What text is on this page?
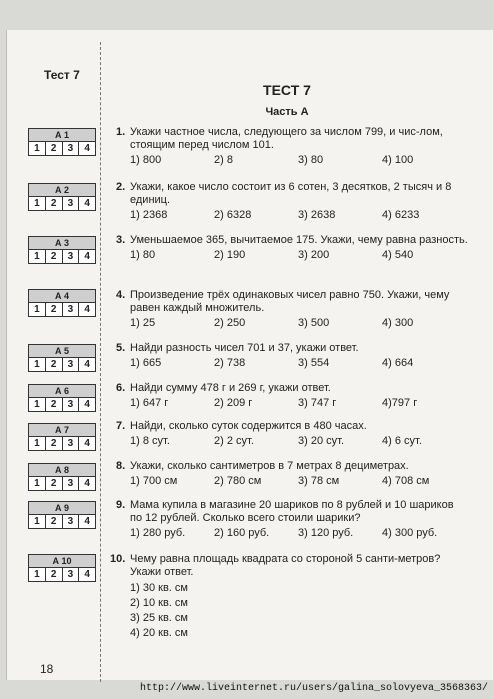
Тест 7
А 1
1	2	3	4
А 2
1	2	3	4
А 3
1	2	3	4
А 4
1	2	3	4
А 5
1	2	3	4
А 6
1	2	3	4
А 7
1	2	3	4
А 8
1	2	3	4
А 9
1	2	3	4
А 10
1	2	3	4
ТЕСТ 7
Часть А
1. Укажи частное числа, следующего за числом 799, и чис-лом, стоящим перед числом 101.
1) 800	2) 8	3) 80	4) 100
2. Укажи, какое число состоит из 6 сотен, 3 десятков, 2 тысяч и 8 единиц.
1) 2368	2) 6328	3) 2638	4) 6233
3. Уменьшаемое 365, вычитаемое 175. Укажи, чему равна разность.
1) 80	2) 190	3) 200	4) 540
4. Произведение трёх одинаковых чисел равно 750. Укажи, чему равен каждый множитель.
1) 25	2) 250	3) 500	4) 300
5. Найди разность чисел 701 и 37, укажи ответ.
1) 665	2) 738	3) 554	4) 664
6. Найди сумму 478 г и 269 г, укажи ответ.
1) 647 г	2) 209 г	3) 747 г	4)797 г
7. Найди, сколько суток содержится в 480 часах.
1) 8 сут.	2) 2 сут.	3) 20 сут.	4) 6 сут.
8. Укажи, сколько сантиметров в 7 метрах 8 дециметрах.
1) 700 см	2) 780 см	3) 78 см	4) 708 см
9. Мама купила в магазине 20 шариков по 8 рублей и 10 шариков по 12 рублей. Сколько всего стоили шарики?
1) 280 руб.	2) 160 руб.	3) 120 руб.	4) 300 руб.
10. Чему равна площадь квадрата со стороной 5 санти-метров? Укажи ответ.
1) 30 кв. см
2) 10 кв. см
3) 25 кв. см
4) 20 кв. см
18
http://www.liveinternet.ru/users/galina_solovyeva_3568363/
